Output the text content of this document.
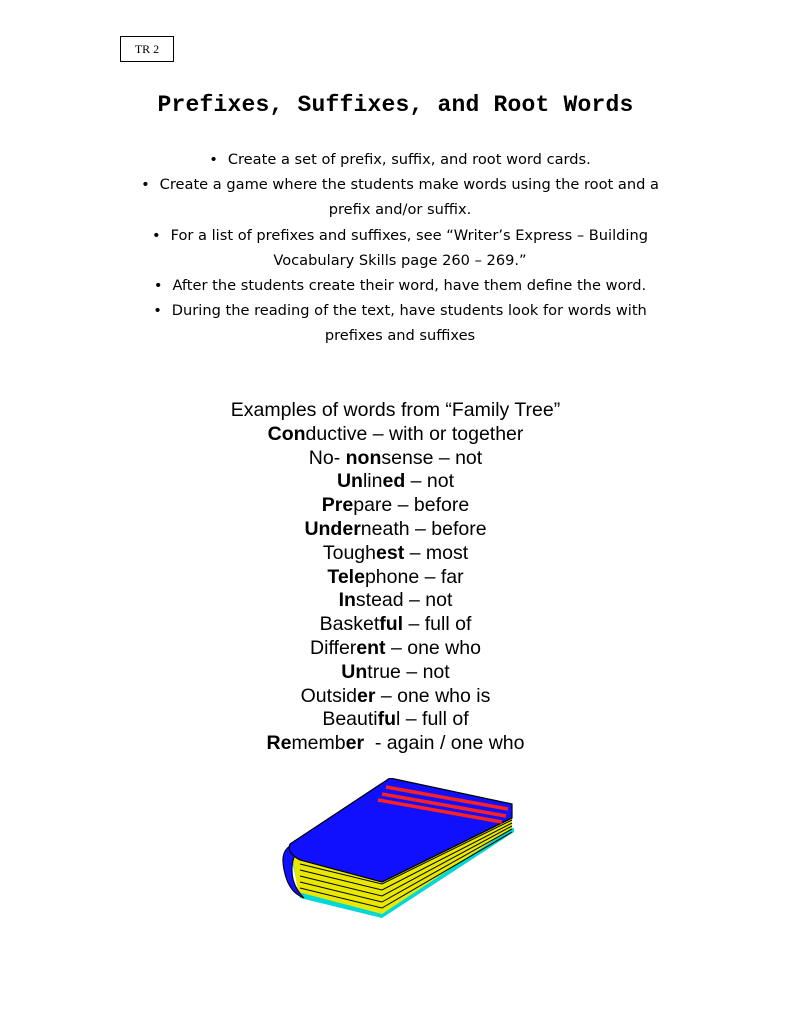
TR 2
Prefixes, Suffixes, and Root Words
• Create a set of prefix, suffix, and root word cards.
• Create a game where the students make words using the root and a prefix and/or suffix.
• For a list of prefixes and suffixes, see “Writer’s Express – Building Vocabulary Skills page 260 – 269.”
• After the students create their word, have them define the word.
• During the reading of the text, have students look for words with prefixes and suffixes
Examples of words from “Family Tree”
Conductive – with or together
No- nonsense – not
Unlined – not
Prepare – before
Underneath – before
Toughest – most
Telephone – far
Instead – not
Basketful – full of
Different – one who
Untrue – not
Outsider – one who is
Beautiful – full of
Remember  - again / one who
